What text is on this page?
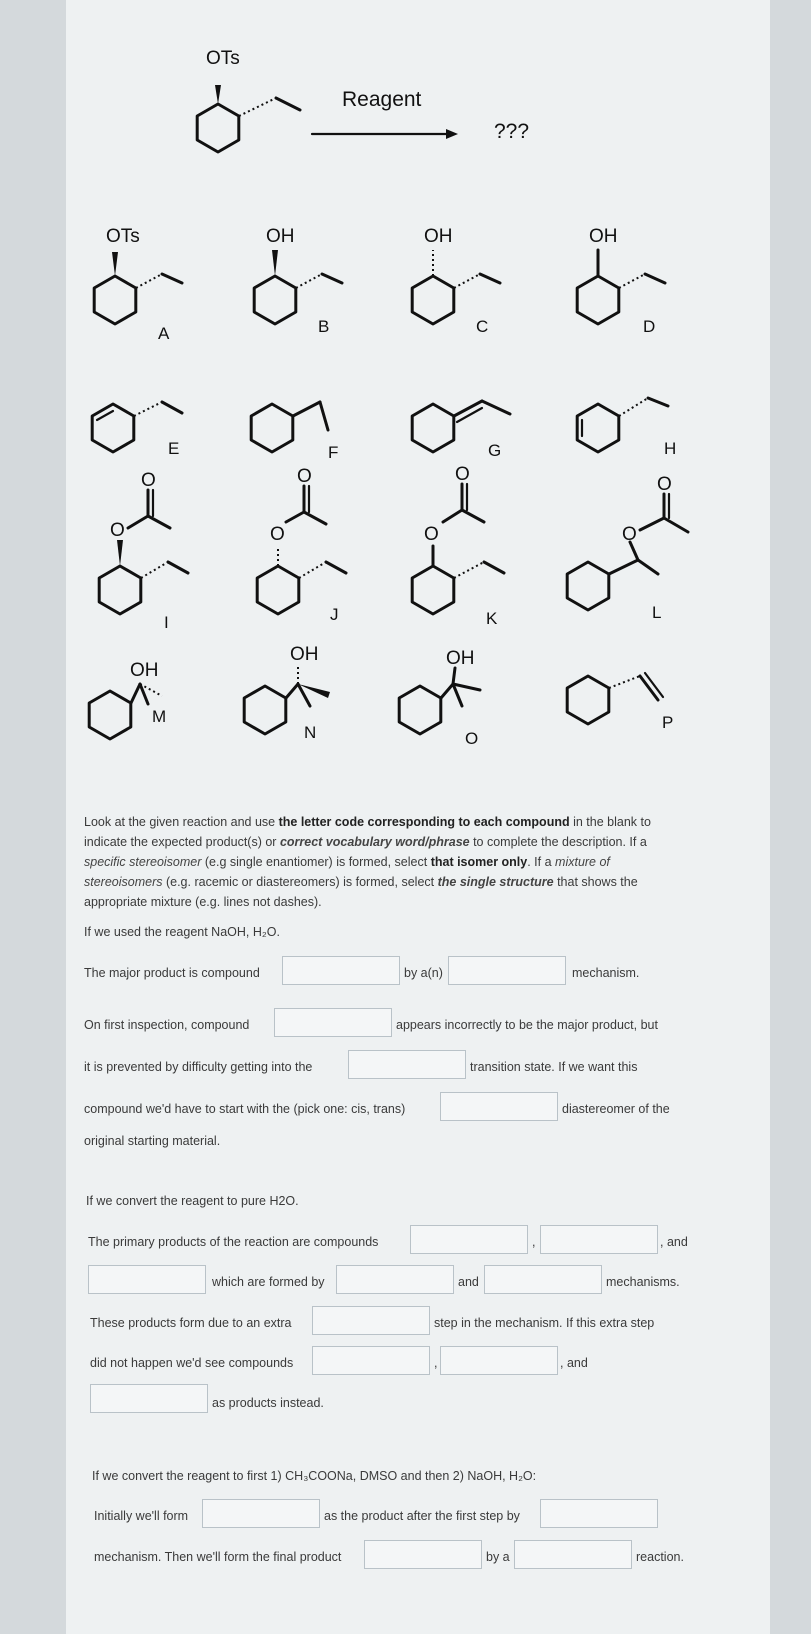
OTs
Reagent
???
OTs
A
OH
B
OH
C
OH
D
E	F	G	H
O
O
I
O
O
J
O
O
K
O
O
L
OH
M
OH
N
OH
O
P
Look at the given reaction and use the letter code corresponding to each compound in the blank to indicate the expected product(s) or correct vocabulary word/phrase to complete the description. If a specific stereoisomer (e.g single enantiomer) is formed, select that isomer only. If a mixture of stereoisomers (e.g. racemic or diastereomers) is formed, select the single structure that shows the appropriate mixture (e.g. lines not dashes).
If we used the reagent NaOH, H₂O.
The major product is compound	by a(n)	mechanism.
On first inspection, compound	appears incorrectly to be the major product, but
it is prevented by difficulty getting into the	transition state. If we want this
compound we'd have to start with the (pick one: cis, trans)	diastereomer of the
original starting material.
If we convert the reagent to pure H2O.
The primary products of the reaction are compounds	,	, and
which are formed by	and	mechanisms.
These products form due to an extra	step in the mechanism. If this extra step
did not happen we'd see compounds	,	, and
as products instead.
If we convert the reagent to first 1) CH₃COONa, DMSO and then 2) NaOH, H₂O:
Initially we'll form	as the product after the first step by
mechanism. Then we'll form the final product	by a	reaction.
